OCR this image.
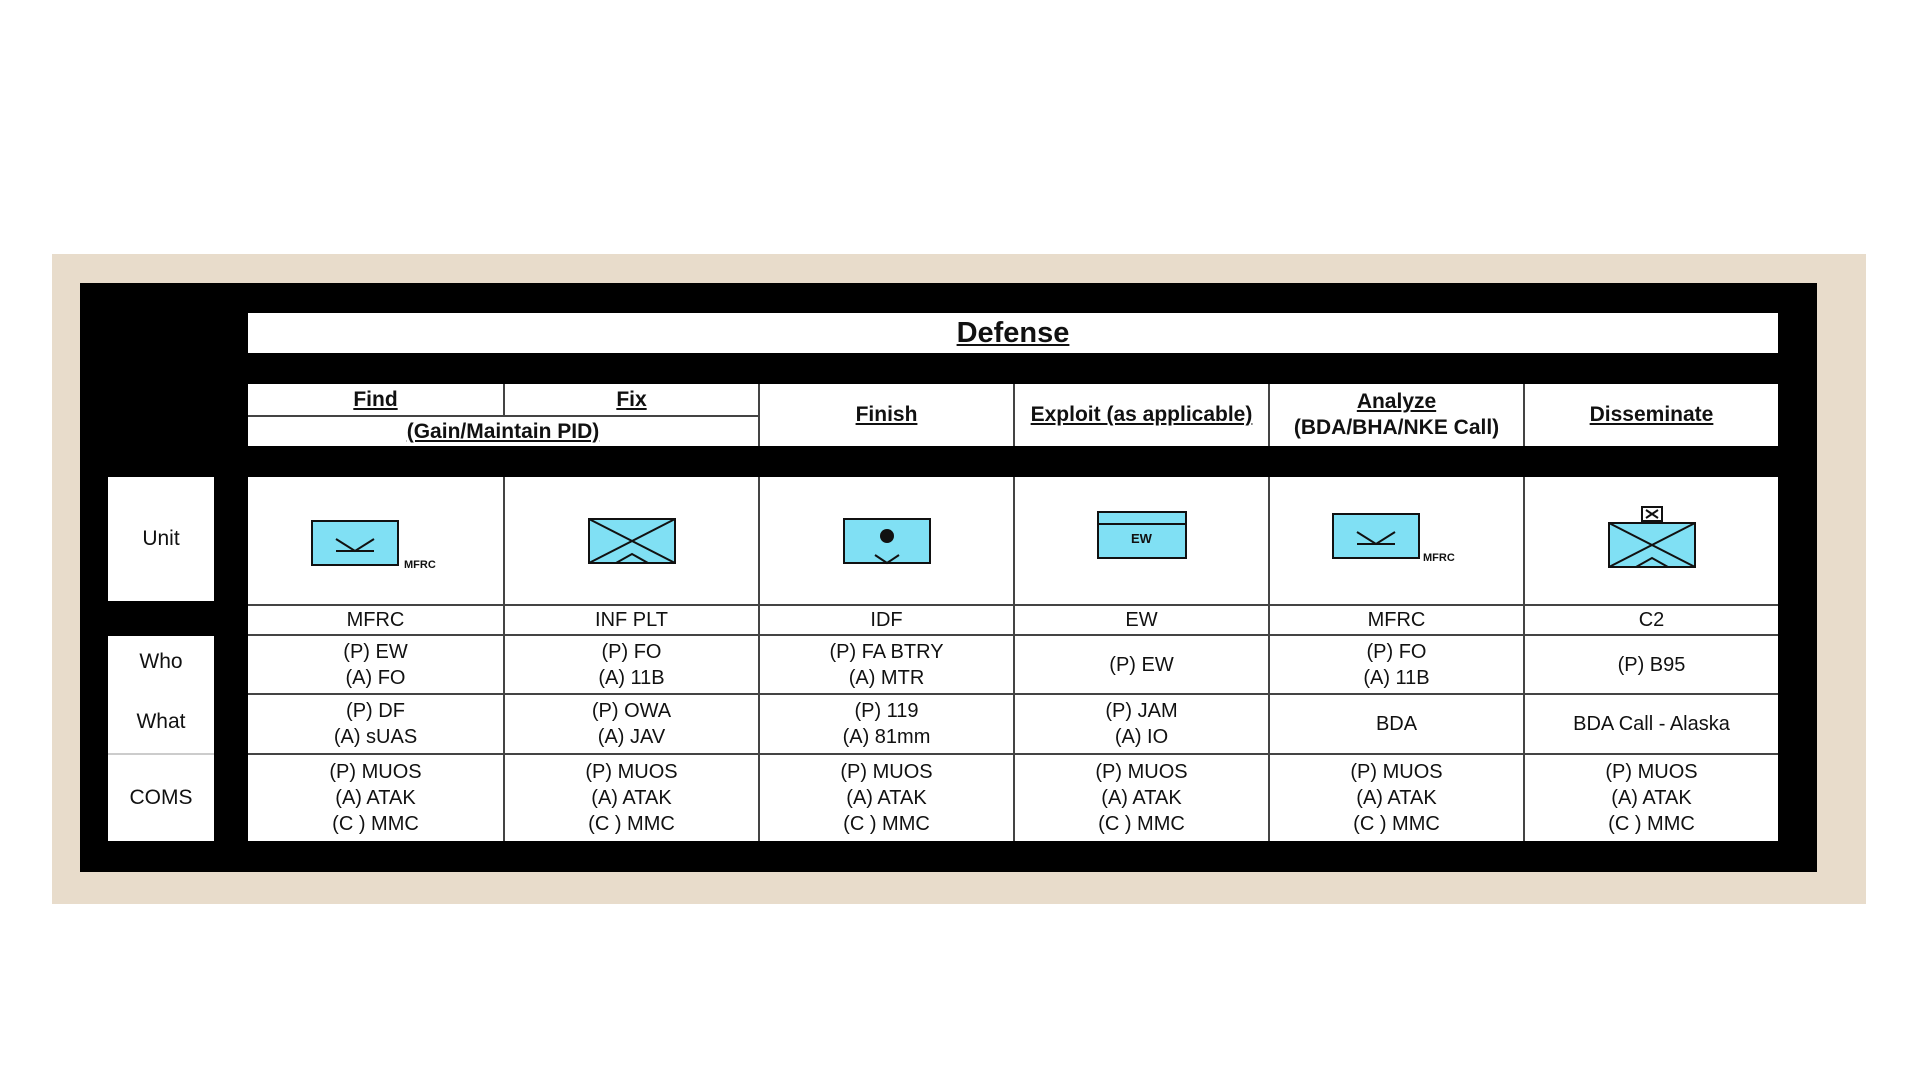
Defense
Find	Fix
(Gain/Maintain PID)
Finish	Exploit (as applicable)
Analyze
(BDA/BHA/NKE Call)
Disseminate
Unit
Who
What
COMS
MFRC
MFRC
(P) EW
(A) FO
(P) DF
(A) sUAS
(P) MUOS
(A) ATAK
(C ) MMC
INF PLT
(P) FO
(A) 11B
(P) OWA
(A) JAV
(P) MUOS
(A) ATAK
(C ) MMC
IDF
(P) FA BTRY
(A) MTR
(P) 119
(A) 81mm
(P) MUOS
(A) ATAK
(C ) MMC
EW
EW
(P) EW
(P) JAM
(A) IO
(P) MUOS
(A) ATAK
(C ) MMC
MFRC
MFRC
(P) FO
(A) 11B
BDA
(P) MUOS
(A) ATAK
(C ) MMC
C2
(P) B95
BDA Call - Alaska
(P) MUOS
(A) ATAK
(C ) MMC
